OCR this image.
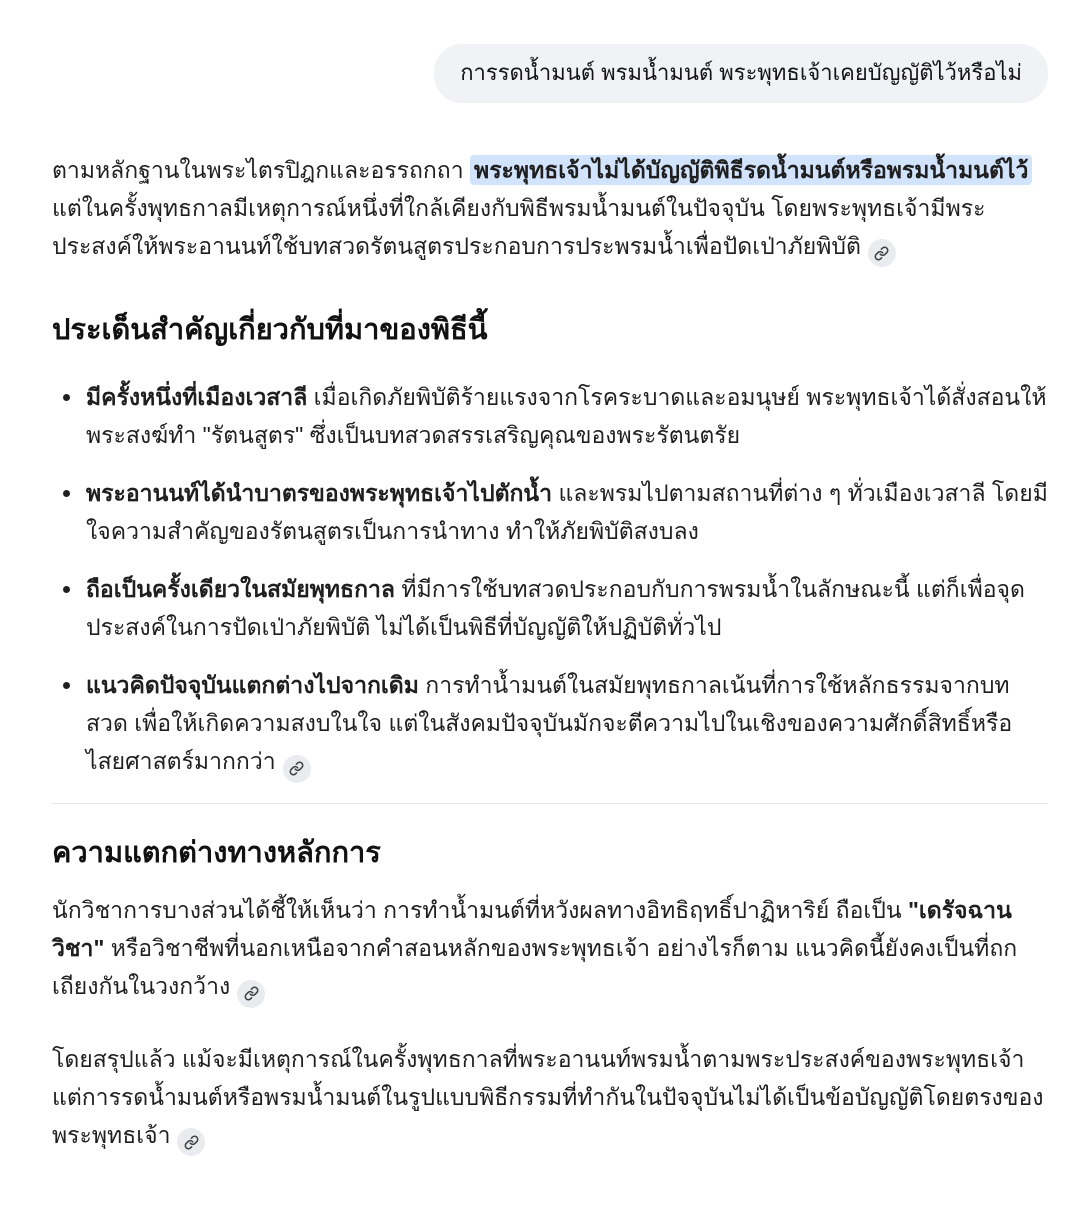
การรดน้ำมนต์ พรมน้ำมนต์ พระพุทธเจ้าเคยบัญญัติไว้หรือไม่

ตามหลักฐานในพระไตรปิฎกและอรรถกถา พระพุทธเจ้าไม่ได้บัญญัติพิธีรดน้ำมนต์หรือพรมน้ำมนต์ไว้ แต่ในครั้งพุทธกาลมีเหตุการณ์หนึ่งที่ใกล้เคียงกับพิธีพรมน้ำมนต์ในปัจจุบัน โดยพระพุทธเจ้ามีพระประสงค์ให้พระอานนท์ใช้บทสวดรัตนสูตรประกอบการประพรมน้ำเพื่อปัดเป่าภัยพิบัติ

ประเด็นสำคัญเกี่ยวกับที่มาของพิธีนี้
• มีครั้งหนึ่งที่เมืองเวสาลี เมื่อเกิดภัยพิบัติร้ายแรงจากโรคระบาดและอมนุษย์ พระพุทธเจ้าได้สั่งสอนให้พระสงฆ์ทำ "รัตนสูตร" ซึ่งเป็นบทสวดสรรเสริญคุณของพระรัตนตรัย
• พระอานนท์ได้นำบาตรของพระพุทธเจ้าไปตักน้ำ และพรมไปตามสถานที่ต่าง ๆ ทั่วเมืองเวสาลี โดยมีใจความสำคัญของรัตนสูตรเป็นการนำทาง ทำให้ภัยพิบัติสงบลง
• ถือเป็นครั้งเดียวในสมัยพุทธกาล ที่มีการใช้บทสวดประกอบกับการพรมน้ำในลักษณะนี้ แต่ก็เพื่อจุดประสงค์ในการปัดเป่าภัยพิบัติ ไม่ได้เป็นพิธีที่บัญญัติให้ปฏิบัติทั่วไป
• แนวคิดปัจจุบันแตกต่างไปจากเดิม การทำน้ำมนต์ในสมัยพุทธกาลเน้นที่การใช้หลักธรรมจากบทสวด เพื่อให้เกิดความสงบในใจ แต่ในสังคมปัจจุบันมักจะตีความไปในเชิงของความศักดิ์สิทธิ์หรือไสยศาสตร์มากกว่า
ความแตกต่างทางหลักการ

นักวิชาการบางส่วนได้ชี้ให้เห็นว่า การทำน้ำมนต์ที่หวังผลทางอิทธิฤทธิ์ปาฏิหาริย์ ถือเป็น "เดรัจฉานวิชา" หรือวิชาชีพที่นอกเหนือจากคำสอนหลักของพระพุทธเจ้า อย่างไรก็ตาม แนวคิดนี้ยังคงเป็นที่ถกเถียงกันในวงกว้าง

โดยสรุปแล้ว แม้จะมีเหตุการณ์ในครั้งพุทธกาลที่พระอานนท์พรมน้ำตามพระประสงค์ของพระพุทธเจ้า แต่การรดน้ำมนต์หรือพรมน้ำมนต์ในรูปแบบพิธีกรรมที่ทำกันในปัจจุบันไม่ได้เป็นข้อบัญญัติโดยตรงของพระพุทธเจ้า
